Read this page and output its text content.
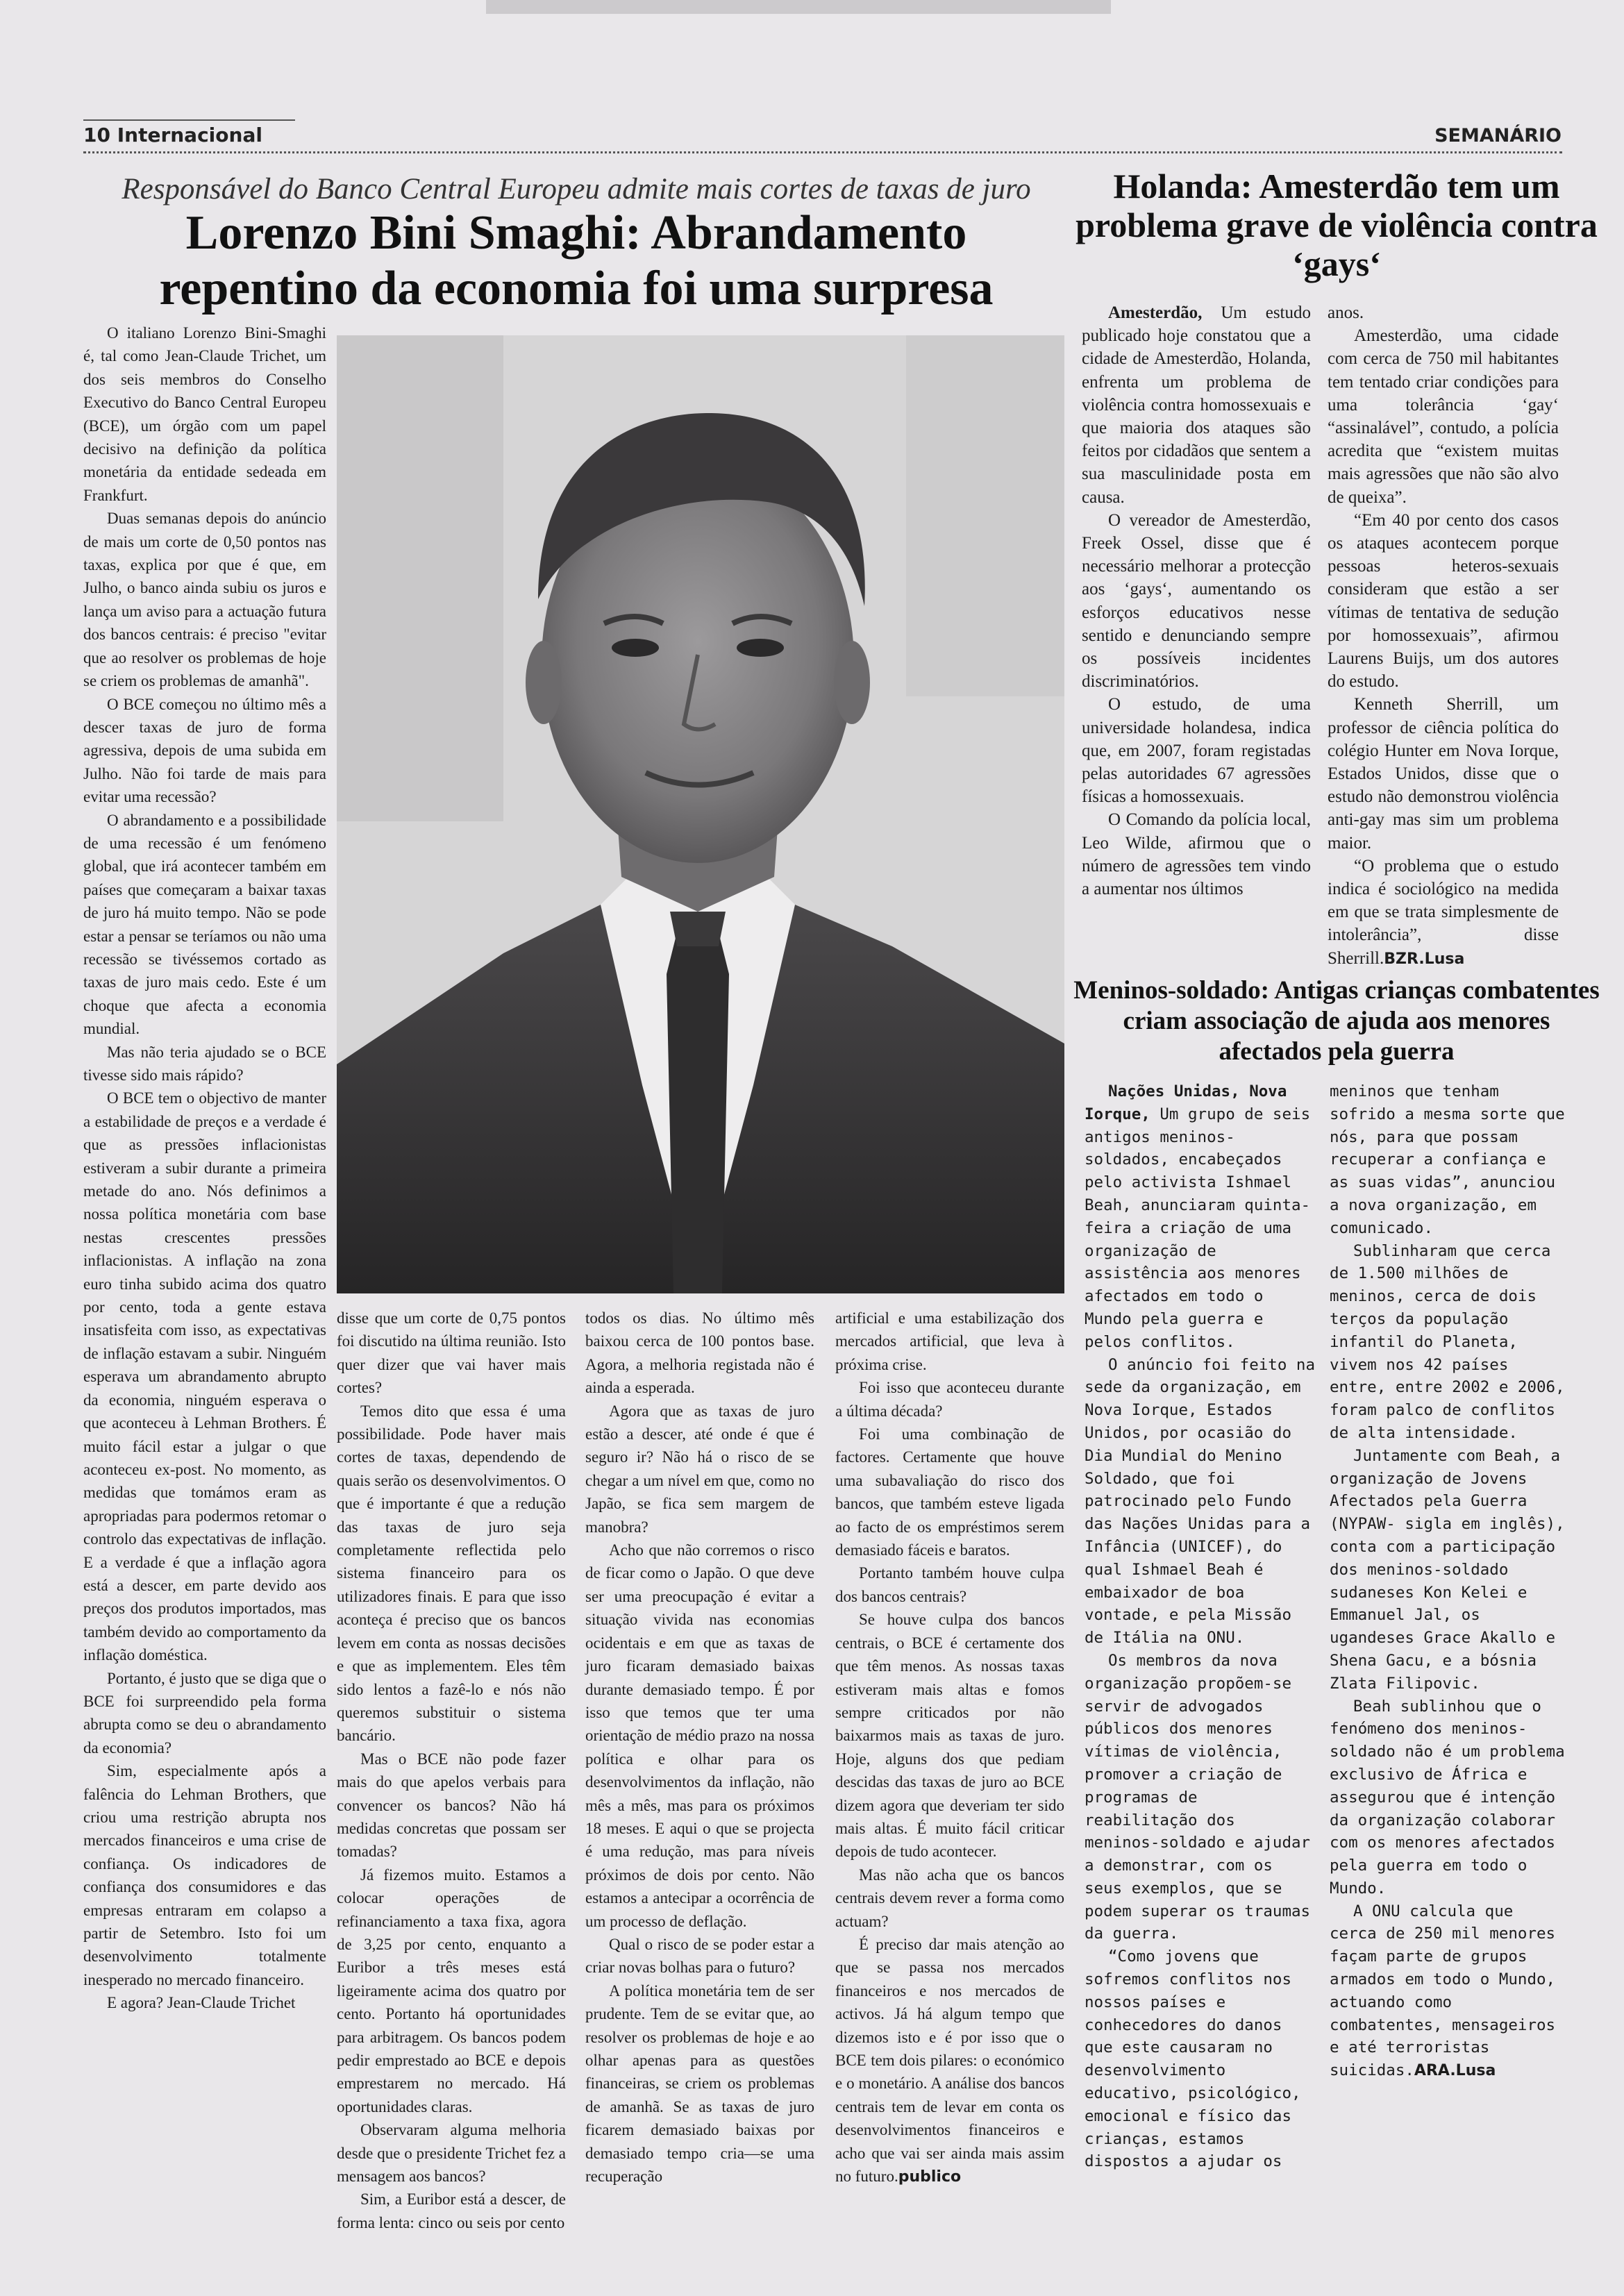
10 Internacional	SEMANÁRIO
Responsável do Banco Central Europeu admite mais cortes de taxas de juro
Lorenzo Bini Smaghi: Abrandamento repentino da economia foi uma surpresa

O italiano Lorenzo Bini-Smaghi é, tal como Jean-Claude Trichet, um dos seis membros do Conselho Executivo do Banco Central Europeu (BCE), um órgão com um papel decisivo na definição da política monetária da entidade sedeada em Frankfurt.

Duas semanas depois do anúncio de mais um corte de 0,50 pontos nas taxas, explica por que é que, em Julho, o banco ainda subiu os juros e lança um aviso para a actuação futura dos bancos centrais: é preciso "evitar que ao resolver os problemas de hoje se criem os problemas de amanhã".

O BCE começou no último mês a descer taxas de juro de forma agressiva, depois de uma subida em Julho. Não foi tarde de mais para evitar uma recessão?

O abrandamento e a possibilidade de uma recessão é um fenómeno global, que irá acontecer também em países que começaram a baixar taxas de juro há muito tempo. Não se pode estar a pensar se teríamos ou não uma recessão se tivéssemos cortado as taxas de juro mais cedo. Este é um choque que afecta a economia mundial.

Mas não teria ajudado se o BCE tivesse sido mais rápido?

O BCE tem o objectivo de manter a estabilidade de preços e a verdade é que as pressões inflacionistas estiveram a subir durante a primeira metade do ano. Nós definimos a nossa política monetária com base nestas crescentes pressões inflacionistas. A inflação na zona euro tinha subido acima dos quatro por cento, toda a gente estava insatisfeita com isso, as expectativas de inflação estavam a subir. Ninguém esperava um abrandamento abrupto da economia, ninguém esperava o que aconteceu à Lehman Brothers. É muito fácil estar a julgar o que aconteceu ex-post. No momento, as medidas que tomámos eram as apropriadas para podermos retomar o controlo das expectativas de inflação. E a verdade é que a inflação agora está a descer, em parte devido aos preços dos produtos importados, mas também devido ao comportamento da inflação doméstica.

Portanto, é justo que se diga que o BCE foi surpreendido pela forma abrupta como se deu o abrandamento da economia?

Sim, especialmente após a falência do Lehman Brothers, que criou uma restrição abrupta nos mercados financeiros e uma crise de confiança. Os indicadores de confiança dos consumidores e das empresas entraram em colapso a partir de Setembro. Isto foi um desenvolvimento totalmente inesperado no mercado financeiro.

E agora? Jean-Claude Trichet

disse que um corte de 0,75 pontos foi discutido na última reunião. Isto quer dizer que vai haver mais cortes?

Temos dito que essa é uma possibilidade. Pode haver mais cortes de taxas, dependendo de quais serão os desenvolvimentos. O que é importante é que a redução das taxas de juro seja completamente reflectida pelo sistema financeiro para os utilizadores finais. E para que isso aconteça é preciso que os bancos levem em conta as nossas decisões e que as implementem. Eles têm sido lentos a fazê-lo e nós não queremos substituir o sistema bancário.

Mas o BCE não pode fazer mais do que apelos verbais para convencer os bancos? Não há medidas concretas que possam ser tomadas?

Já fizemos muito. Estamos a colocar operações de refinanciamento a taxa fixa, agora de 3,25 por cento, enquanto a Euribor a três meses está ligeiramente acima dos quatro por cento. Portanto há oportunidades para arbitragem. Os bancos podem pedir emprestado ao BCE e depois emprestarem no mercado. Há oportunidades claras.

Observaram alguma melhoria desde que o presidente Trichet fez a mensagem aos bancos?

Sim, a Euribor está a descer, de forma lenta: cinco ou seis por cento

todos os dias. No último mês baixou cerca de 100 pontos base. Agora, a melhoria registada não é ainda a esperada.

Agora que as taxas de juro estão a descer, até onde é que é seguro ir? Não há o risco de se chegar a um nível em que, como no Japão, se fica sem margem de manobra?

Acho que não corremos o risco de ficar como o Japão. O que deve ser uma preocupação é evitar a situação vivida nas economias ocidentais e em que as taxas de juro ficaram demasiado baixas durante demasiado tempo. É por isso que temos que ter uma orientação de médio prazo na nossa política e olhar para os desenvolvimentos da inflação, não mês a mês, mas para os próximos 18 meses. E aqui o que se projecta é uma redução, mas para níveis próximos de dois por cento. Não estamos a antecipar a ocorrência de um processo de deflação.

Qual o risco de se poder estar a criar novas bolhas para o futuro?

A política monetária tem de ser prudente. Tem de se evitar que, ao resolver os problemas de hoje e ao olhar apenas para as questões financeiras, se criem os problemas de amanhã. Se as taxas de juro ficarem demasiado baixas por demasiado tempo cria—se uma recuperação

artificial e uma estabilização dos mercados artificial, que leva à próxima crise.

Foi isso que aconteceu durante a última década?

Foi uma combinação de factores. Certamente que houve uma subavaliação do risco dos bancos, que também esteve ligada ao facto de os empréstimos serem demasiado fáceis e baratos.

Portanto também houve culpa dos bancos centrais?

Se houve culpa dos bancos centrais, o BCE é certamente dos que têm menos. As nossas taxas estiveram mais altas e fomos sempre criticados por não baixarmos mais as taxas de juro. Hoje, alguns dos que pediam descidas das taxas de juro ao BCE dizem agora que deveriam ter sido mais altas. É muito fácil criticar depois de tudo acontecer.

Mas não acha que os bancos centrais devem rever a forma como actuam?

É preciso dar mais atenção ao que se passa nos mercados financeiros e nos mercados de activos. Já há algum tempo que dizemos isto e é por isso que o BCE tem dois pilares: o económico e o monetário. A análise dos bancos centrais tem de levar em conta os desenvolvimentos financeiros e acho que vai ser ainda mais assim no futuro.publico

Holanda: Amesterdão tem um problema grave de violência contra ‘gays‘

Amesterdão, Um estudo publicado hoje constatou que a cidade de Amesterdão, Holanda, enfrenta um problema de violência contra homossexuais e que maioria dos ataques são feitos por cidadãos que sentem a sua masculinidade posta em causa.

O vereador de Amesterdão, Freek Ossel, disse que é necessário melhorar a protecção aos ‘gays‘, aumentando os esforços educativos nesse sentido e denunciando sempre os possíveis incidentes discriminatórios.

O estudo, de uma universidade holandesa, indica que, em 2007, foram registadas pelas autoridades 67 agressões físicas a homossexuais.

O Comando da polícia local, Leo Wilde, afirmou que o número de agressões tem vindo a aumentar nos últimos

anos.

Amesterdão, uma cidade com cerca de 750 mil habitantes tem tentado criar condições para uma tolerância ‘gay‘ “assinalável”, contudo, a polícia acredita que “existem muitas mais agressões que não são alvo de queixa”.

“Em 40 por cento dos casos os ataques acontecem porque pessoas heteros-sexuais consideram que estão a ser vítimas de tentativa de sedução por homossexuais”, afirmou Laurens Buijs, um dos autores do estudo.

Kenneth Sherrill, um professor de ciência política do colégio Hunter em Nova Iorque, Estados Unidos, disse que o estudo não demonstrou violência anti-gay mas sim um problema maior.

“O problema que o estudo indica é sociológico na medida em que se trata simplesmente de intolerância”, disse Sherrill.BZR.Lusa

Meninos-soldado: Antigas crianças combatentes criam associação de ajuda aos menores afectados pela guerra

Nações Unidas, Nova Iorque, Um grupo de seis antigos meninos-soldados, encabeçados pelo activista Ishmael Beah, anunciaram quinta-feira a criação de uma organização de assistência aos menores afectados em todo o Mundo pela guerra e pelos conflitos.

O anúncio foi feito na sede da organização, em Nova Iorque, Estados Unidos, por ocasião do Dia Mundial do Menino Soldado, que foi patrocinado pelo Fundo das Nações Unidas para a Infância (UNICEF), do qual Ishmael Beah é embaixador de boa vontade, e pela Missão de Itália na ONU.

Os membros da nova organização propõem-se servir de advogados públicos dos menores vítimas de violência, promover a criação de programas de reabilitação dos meninos-soldado e ajudar a demonstrar, com os seus exemplos, que se podem superar os traumas da guerra.

“Como jovens que sofremos conflitos nos nossos países e conhecedores do danos que este causaram no desenvolvimento educativo, psicológico, emocional e físico das crianças, estamos dispostos a ajudar os

meninos que tenham sofrido a mesma sorte que nós, para que possam recuperar a confiança e as suas vidas”, anunciou a nova organização, em comunicado.

Sublinharam que cerca de 1.500 milhões de meninos, cerca de dois terços da população infantil do Planeta, vivem nos 42 países entre, entre 2002 e 2006, foram palco de conflitos de alta intensidade.

Juntamente com Beah, a organização de Jovens Afectados pela Guerra (NYPAW- sigla em inglês), conta com a participação dos meninos-soldado sudaneses Kon Kelei e Emmanuel Jal, os ugandeses Grace Akallo e Shena Gacu, e a bósnia Zlata Filipovic.

Beah sublinhou que o fenómeno dos meninos-soldado não é um problema exclusivo de África e assegurou que é intenção da organização colaborar com os menores afectados pela guerra em todo o Mundo.

A ONU calcula que cerca de 250 mil menores façam parte de grupos armados em todo o Mundo, actuando como combatentes, mensageiros e até terroristas suicidas.ARA.Lusa
